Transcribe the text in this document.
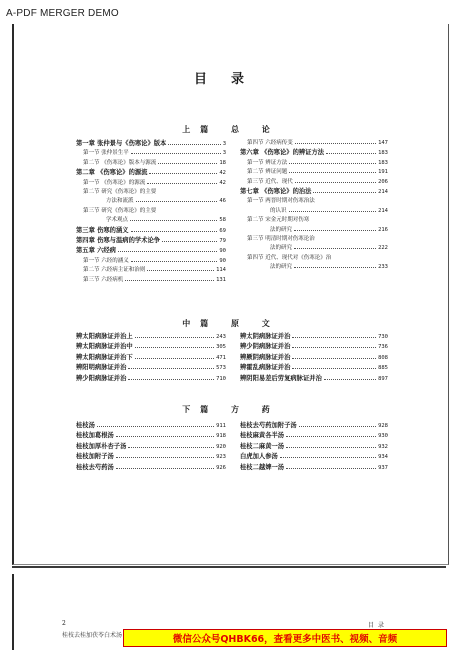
A-PDF MERGER DEMO
目录
上篇 总 论
第一章 张仲景与《伤寒论》版本	3
第一节 张仲景生平	3
第二节 《伤寒论》版本与源流	18
第二章 《伤寒论》的源流	42
第一节 《伤寒论》的源流	42
第二节 研究《伤寒论》的主要
方法和流派	46
第三节 研究《伤寒论》的主要
学术观点	58
第三章 伤寒的涵义	69
第四章 伤寒与温病的学术论争	79
第五章 六经病	90
第一节 六经的涵义	90
第二节 六经病主证和治则	114
第三节 六经病机	131
第四节 六经病传变	147
第六章 《伤寒论》的辨证方法	183
第一节 辨证方法	183
第二节 辨证问题	191
第三节 近代、现代	206
第七章 《伤寒论》的治法	214
第一节 两晋时期对伤寒治法
的认识	214
第二节 宋金元时期对伤寒
法的研究	216
第三节 明清时期对伤寒论治
法的研究	222
第四节 近代、现代对《伤寒论》治
法的研究	233
中篇 原 文
辨太阳病脉证并治上	243
辨太阳病脉证并治中	305
辨太阳病脉证并治下	471
辨阳明病脉证并治	573
辨少阳病脉证并治	710
辨太阴病脉证并治	730
辨少阴病脉证并治	736
辨厥阴病脉证并治	808
辨霍乱病脉证并治	885
辨阴阳易差后劳复病脉证并治	897
下篇 方 药
桂枝汤	911
桂枝加葛根汤	918
桂枝加厚朴杏子汤	920
桂枝加附子汤	923
桂枝去芍药汤	926
桂枝去芍药加附子汤	928
桂枝麻黄各半汤	930
桂枝二麻黄一汤	932
白虎加人参汤	934
桂枝二越婢一汤	937
2	目录
桂枝去桂加茯苓白术汤	微信公众号QHBK66，查看更多中医书、视频、音频
